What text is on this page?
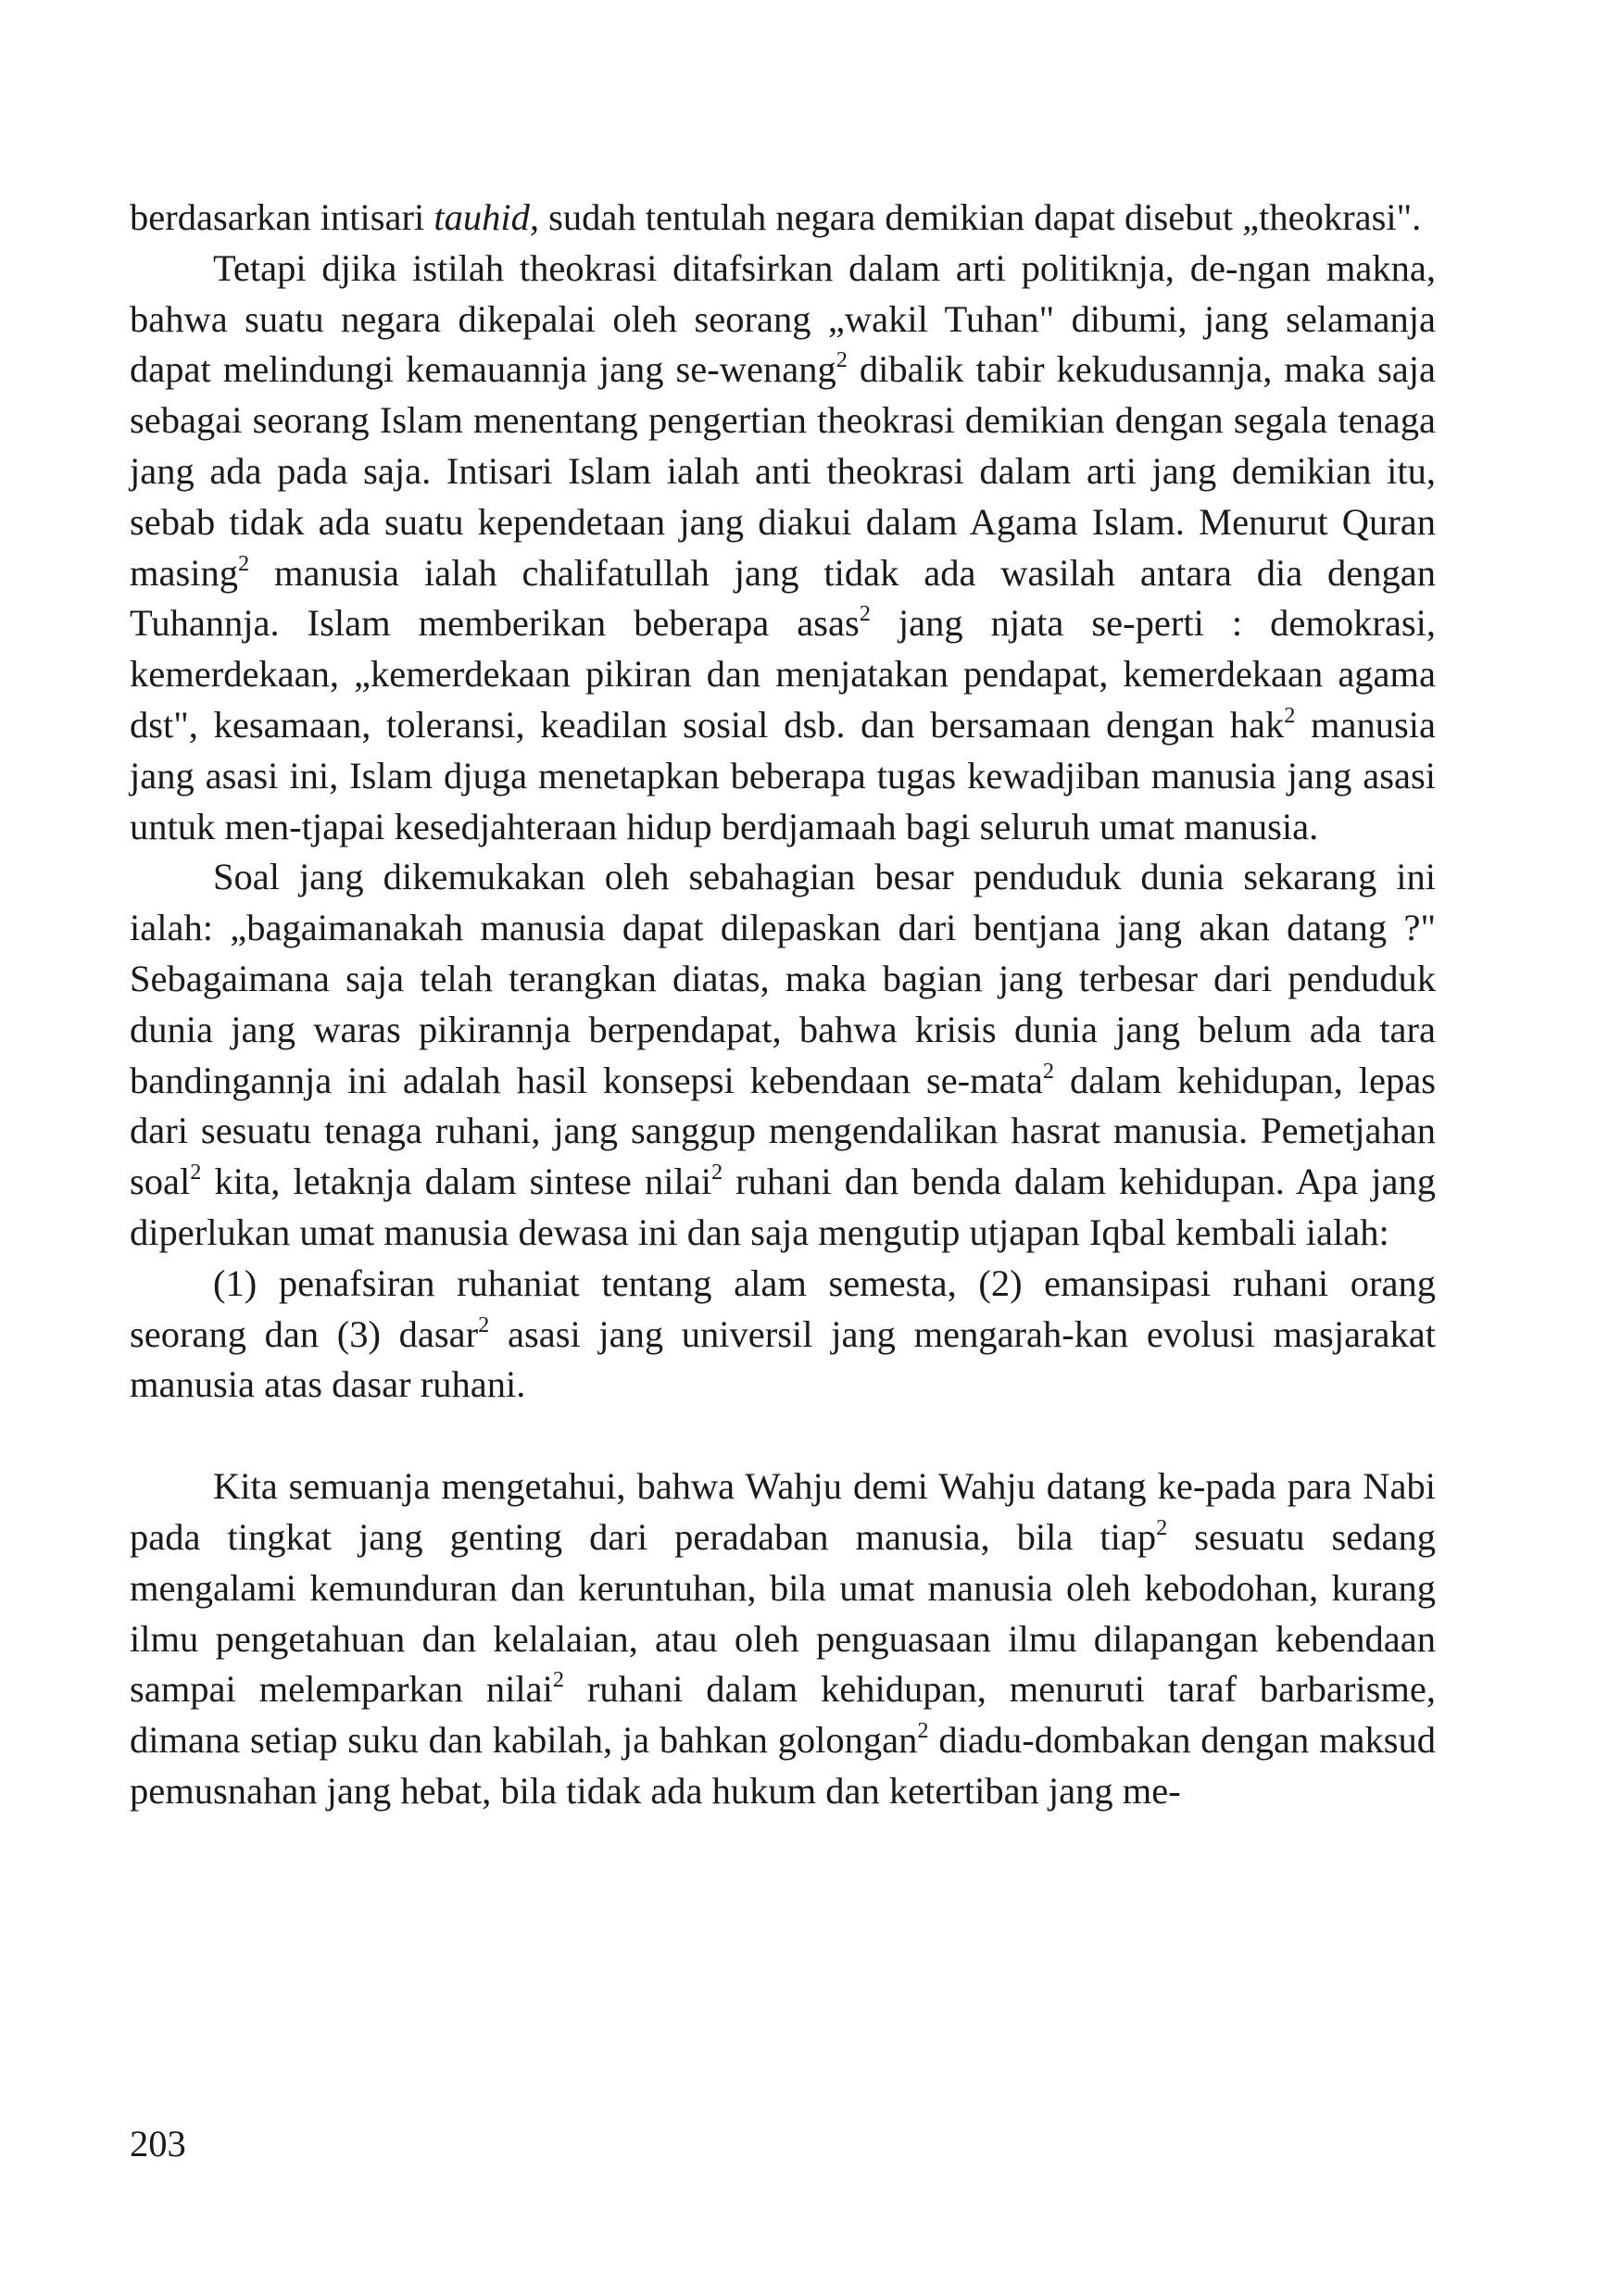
berdasarkan intisari tauhid, sudah tentulah negara demikian dapat disebut „theokrasi".

Tetapi djika istilah theokrasi ditafsirkan dalam arti politiknja, de-ngan makna, bahwa suatu negara dikepalai oleh seorang „wakil Tuhan" dibumi, jang selamanja dapat melindungi kemauannja jang se-wenang$^2$ dibalik tabir kekudusannja, maka saja sebagai seorang Islam menentang pengertian theokrasi demikian dengan segala tenaga jang ada pada saja. Intisari Islam ialah anti theokrasi dalam arti jang demikian itu, sebab tidak ada suatu kependetaan jang diakui dalam Agama Islam. Menurut Quran masing$^2$ manusia ialah chalifatullah jang tidak ada wasilah antara dia dengan Tuhannja. Islam memberikan beberapa asas$^2$ jang njata se-perti : demokrasi, kemerdekaan, „kemerdekaan pikiran dan menjatakan pendapat, kemerdekaan agama dst", kesamaan, toleransi, keadilan sosial dsb. dan bersamaan dengan hak$^2$ manusia jang asasi ini, Islam djuga menetapkan beberapa tugas kewadjiban manusia jang asasi untuk men-tjapai kesedjahteraan hidup berdjamaah bagi seluruh umat manusia.

Soal jang dikemukakan oleh sebahagian besar penduduk dunia sekarang ini ialah: „bagaimanakah manusia dapat dilepaskan dari bentjana jang akan datang ?" Sebagaimana saja telah terangkan diatas, maka bagian jang terbesar dari penduduk dunia jang waras pikirannja berpendapat, bahwa krisis dunia jang belum ada tara bandingannja ini adalah hasil konsepsi kebendaan se-mata$^2$ dalam kehidupan, lepas dari sesuatu tenaga ruhani, jang sanggup mengendalikan hasrat manusia. Pemetjahan soal$^2$ kita, letaknja dalam sintese nilai$^2$ ruhani dan benda dalam kehidupan. Apa jang diperlukan umat manusia dewasa ini dan saja mengutip utjapan Iqbal kembali ialah:

(1) penafsiran ruhaniat tentang alam semesta, (2) emansipasi ruhani orang seorang dan (3) dasar$^2$ asasi jang universil jang mengarah-kan evolusi masjarakat manusia atas dasar ruhani.

Kita semuanja mengetahui, bahwa Wahju demi Wahju datang ke-pada para Nabi pada tingkat jang genting dari peradaban manusia, bila tiap$^2$ sesuatu sedang mengalami kemunduran dan keruntuhan, bila umat manusia oleh kebodohan, kurang ilmu pengetahuan dan kelalaian, atau oleh penguasaan ilmu dilapangan kebendaan sampai melemparkan nilai$^2$ ruhani dalam kehidupan, menuruti taraf barbarisme, dimana setiap suku dan kabilah, ja bahkan golongan$^2$ diadu-dombakan dengan maksud pemusnahan jang hebat, bila tidak ada hukum dan ketertiban jang me-

203
